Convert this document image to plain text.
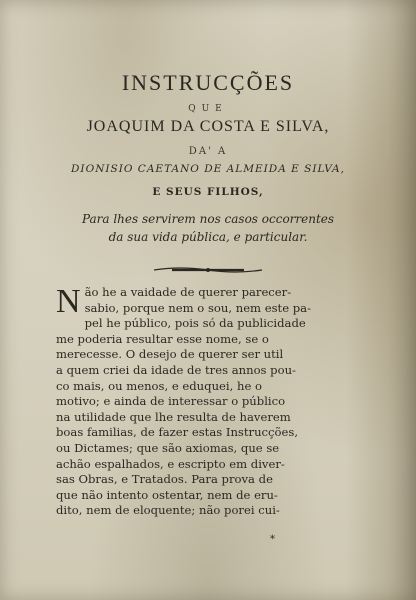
INSTRUCÇÕES
QUE
JOAQUIM DA COSTA E SILVA,
DA' A
DIONISIO CAETANO DE ALMEIDA E SILVA,
E SEUS FILHOS,
Para lhes servirem nos casos occorrentes
da sua vida pública, e particular.
N ão he a vaidade de querer parecer-
sabio, porque nem o sou, nem este pa-
pel he público, pois só da publicidade
me poderia resultar esse nome, se o
merecesse. O desejo de querer ser util
a quem criei da idade de tres annos pou-
co mais, ou menos, e eduquei, he o
motivo; e ainda de interessar o público
na utilidade que lhe resulta de haverem
boas familias, de fazer estas Instrucções,
ou Dictames; que são axiomas, que se
achão espalhados, e escripto em diver-
sas Obras, e Tratados. Para prova de
que não intento ostentar, nem de eru-
dito, nem de eloquente; não porei cui-
*
